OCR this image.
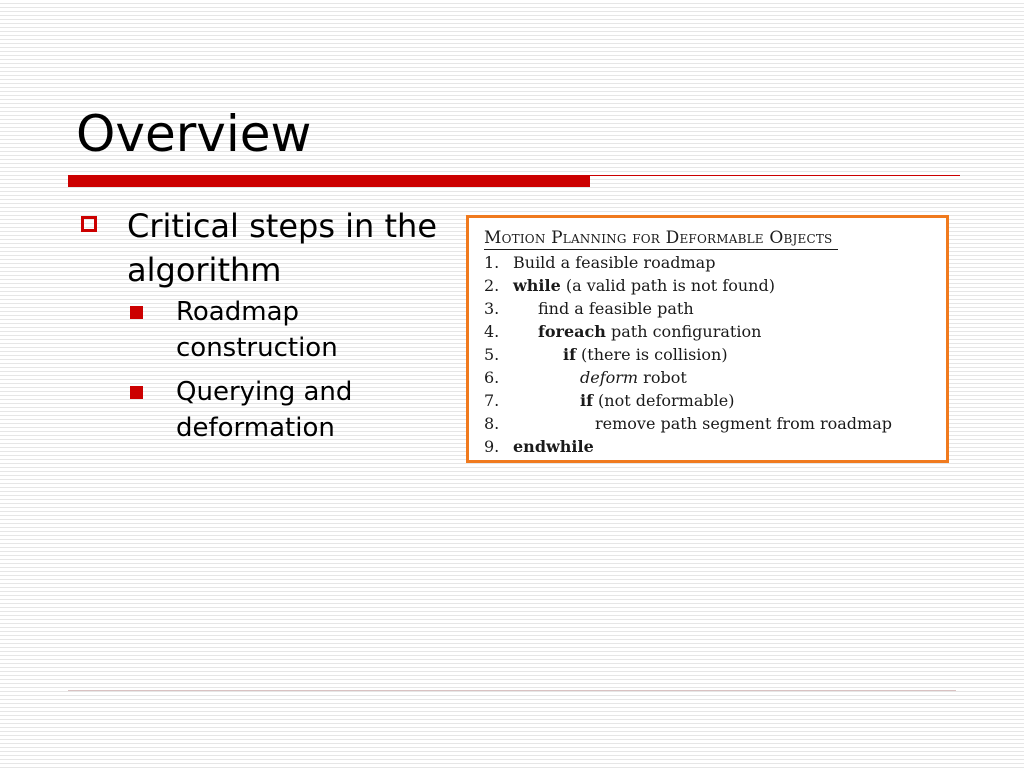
Overview
Critical steps in the algorithm
Roadmap construction
Querying and deformation
Motion Planning for Deformable Objects
1. Build a feasible roadmap
2. while (a valid path is not found)
3.	find a feasible path
4.	foreach path configuration
5.	if (there is collision)
6.	deform robot
7.	if (not deformable)
8.	remove path segment from roadmap
9. endwhile
